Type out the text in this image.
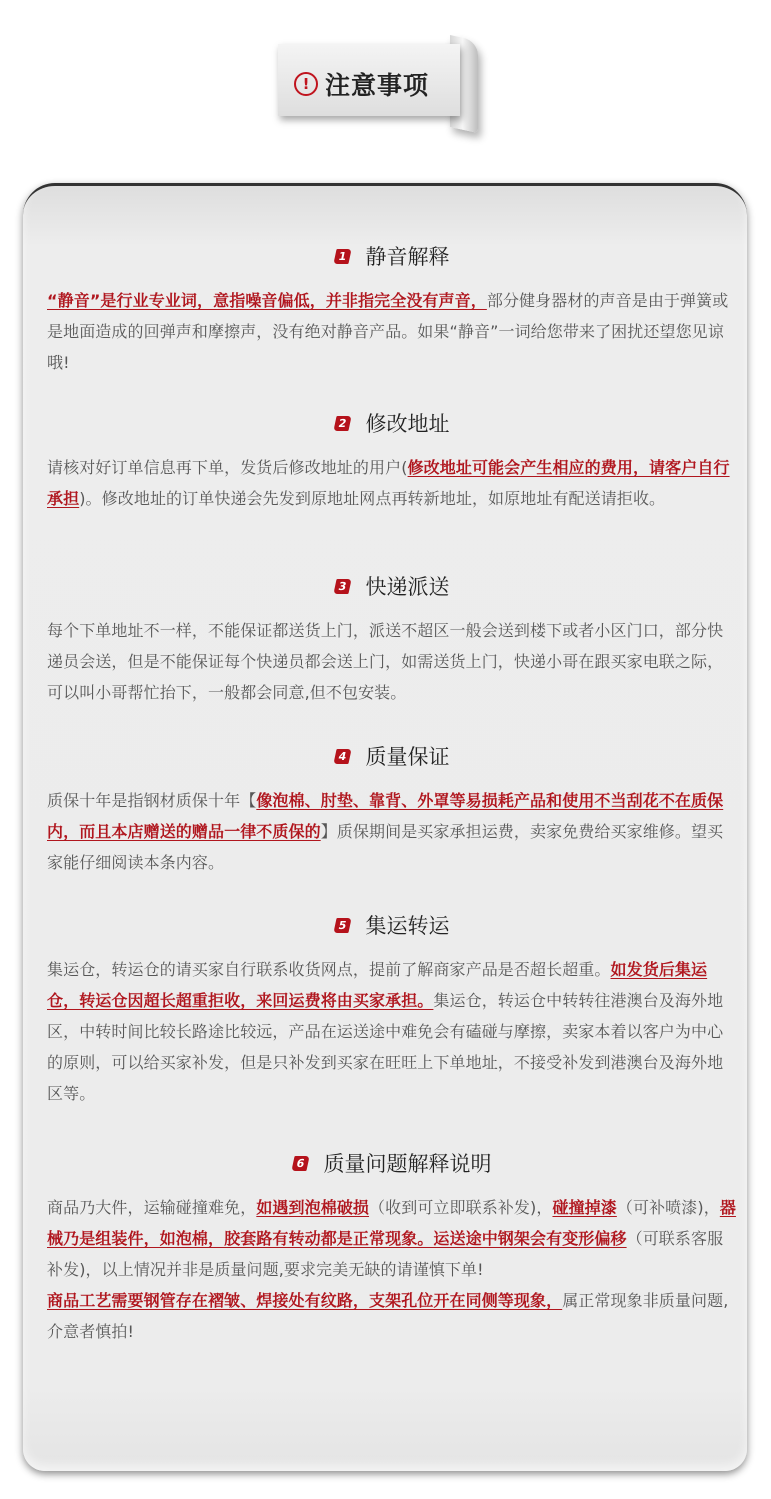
! 注意事项
1 静音解释

“静音”是行业专业词，意指噪音偏低，并非指完全没有声音，部分健身器材的声音是由于弹簧或是地面造成的回弹声和摩擦声，没有绝对静音产品。如果“静音”一词给您带来了困扰还望您见谅哦!

2 修改地址

请核对好订单信息再下单，发货后修改地址的用户(修改地址可能会产生相应的费用，请客户自行承担)。修改地址的订单快递会先发到原地址网点再转新地址，如原地址有配送请拒收。

3 快递派送

每个下单地址不一样，不能保证都送货上门，派送不超区一般会送到楼下或者小区门口，部分快递员会送，但是不能保证每个快递员都会送上门，如需送货上门，快递小哥在跟买家电联之际，可以叫小哥帮忙抬下，一般都会同意,但不包安装。

4 质量保证

质保十年是指钢材质保十年【像泡棉、肘垫、靠背、外罩等易损耗产品和使用不当刮花不在质保内，而且本店赠送的赠品一律不质保的】质保期间是买家承担运费，卖家免费给买家维修。望买家能仔细阅读本条内容。

5 集运转运

集运仓，转运仓的请买家自行联系收货网点，提前了解商家产品是否超长超重。如发货后集运仓，转运仓因超长超重拒收，来回运费将由买家承担。集运仓，转运仓中转转往港澳台及海外地区，中转时间比较长路途比较远，产品在运送途中难免会有磕碰与摩擦，卖家本着以客户为中心的原则，可以给买家补发，但是只补发到买家在旺旺上下单地址，不接受补发到港澳台及海外地区等。

6 质量问题解释说明

商品乃大件，运输碰撞难免，如遇到泡棉破损（收到可立即联系补发)，碰撞掉漆（可补喷漆)，器械乃是组装件，如泡棉，胶套路有转动都是正常现象。运送途中钢架会有变形偏移（可联系客服补发)，以上情况并非是质量问题,要求完美无缺的请谨慎下单!

商品工艺需要钢管存在褶皱、焊接处有纹路，支架孔位开在同侧等现象，属正常现象非质量问题,介意者慎拍!
